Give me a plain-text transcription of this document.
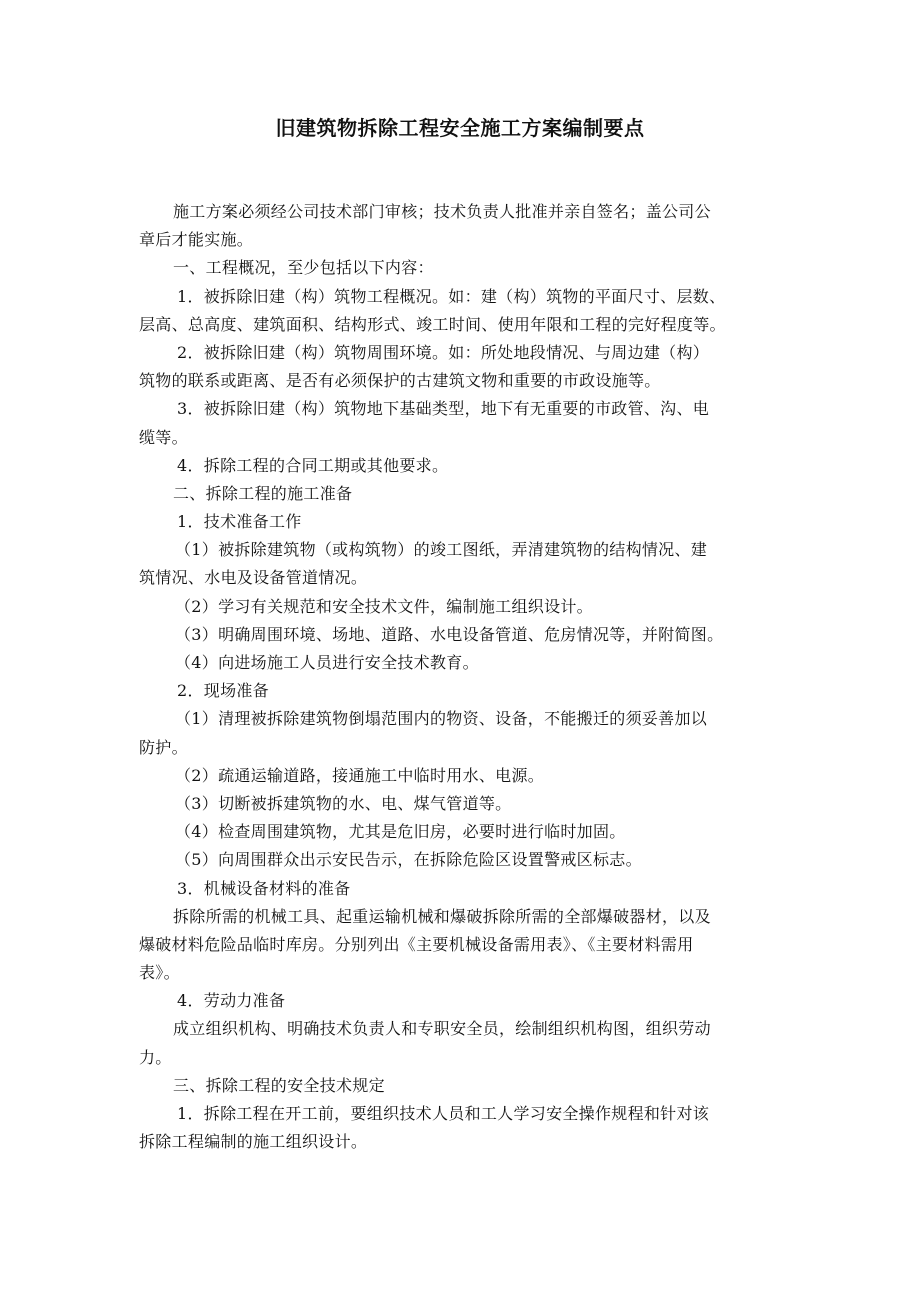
旧建筑物拆除工程安全施工方案编制要点

施工方案必须经公司技术部门审核；技术负责人批准并亲自签名；盖公司公

章后才能实施。

一、工程概况，至少包括以下内容：

1．被拆除旧建（构）筑物工程概况。如：建（构）筑物的平面尺寸、层数、

层高、总高度、建筑面积、结构形式、竣工时间、使用年限和工程的完好程度等。

2．被拆除旧建（构）筑物周围环境。如：所处地段情况、与周边建（构）

筑物的联系或距离、是否有必须保护的古建筑文物和重要的市政设施等。

3．被拆除旧建（构）筑物地下基础类型，地下有无重要的市政管、沟、电

缆等。

4．拆除工程的合同工期或其他要求。

二、拆除工程的施工准备

1．技术准备工作

（1）被拆除建筑物（或构筑物）的竣工图纸，弄清建筑物的结构情况、建

筑情况、水电及设备管道情况。

（2）学习有关规范和安全技术文件，编制施工组织设计。

（3）明确周围环境、场地、道路、水电设备管道、危房情况等，并附简图。

（4）向进场施工人员进行安全技术教育。

2．现场准备

（1）清理被拆除建筑物倒塌范围内的物资、设备，不能搬迁的须妥善加以

防护。

（2）疏通运输道路，接通施工中临时用水、电源。

（3）切断被拆建筑物的水、电、煤气管道等。

（4）检查周围建筑物，尤其是危旧房，必要时进行临时加固。

（5）向周围群众出示安民告示，在拆除危险区设置警戒区标志。

3．机械设备材料的准备

拆除所需的机械工具、起重运输机械和爆破拆除所需的全部爆破器材，以及

爆破材料危险品临时库房。分别列出《主要机械设备需用表》、《主要材料需用

表》。

4．劳动力准备

成立组织机构、明确技术负责人和专职安全员，绘制组织机构图，组织劳动

力。

三、拆除工程的安全技术规定

1．拆除工程在开工前，要组织技术人员和工人学习安全操作规程和针对该

拆除工程编制的施工组织设计。
